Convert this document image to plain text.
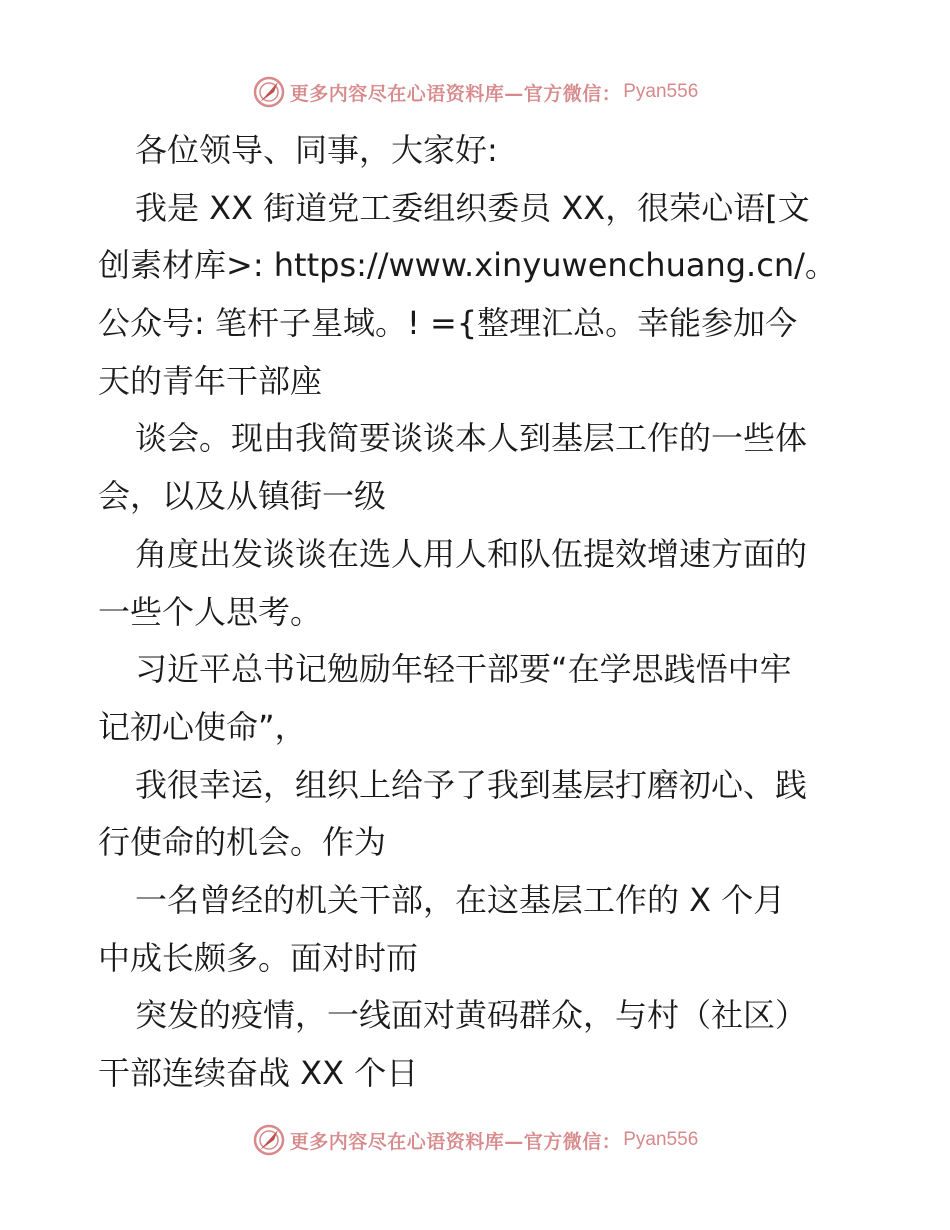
更多内容尽在心语资料库—官方微信： Pyan556
各位领导、同事，大家好:
我是 XX 街道党工委组织委员 XX，很荣心语[文
创素材库>: https://www.xinyuwenchuang.cn/。
公众号: 笔杆子星域。! ={整理汇总。幸能参加今
天的青年干部座
谈会。现由我简要谈谈本人到基层工作的一些体
会，以及从镇街一级
角度出发谈谈在选人用人和队伍提效增速方面的
一些个人思考。
习近平总书记勉励年轻干部要“在学思践悟中牢
记初心使命”，
我很幸运，组织上给予了我到基层打磨初心、践
行使命的机会。作为
一名曾经的机关干部，在这基层工作的 X 个月
中成长颇多。面对时而
突发的疫情，一线面对黄码群众，与村（社区）
干部连续奋战 XX 个日
更多内容尽在心语资料库—官方微信： Pyan556
